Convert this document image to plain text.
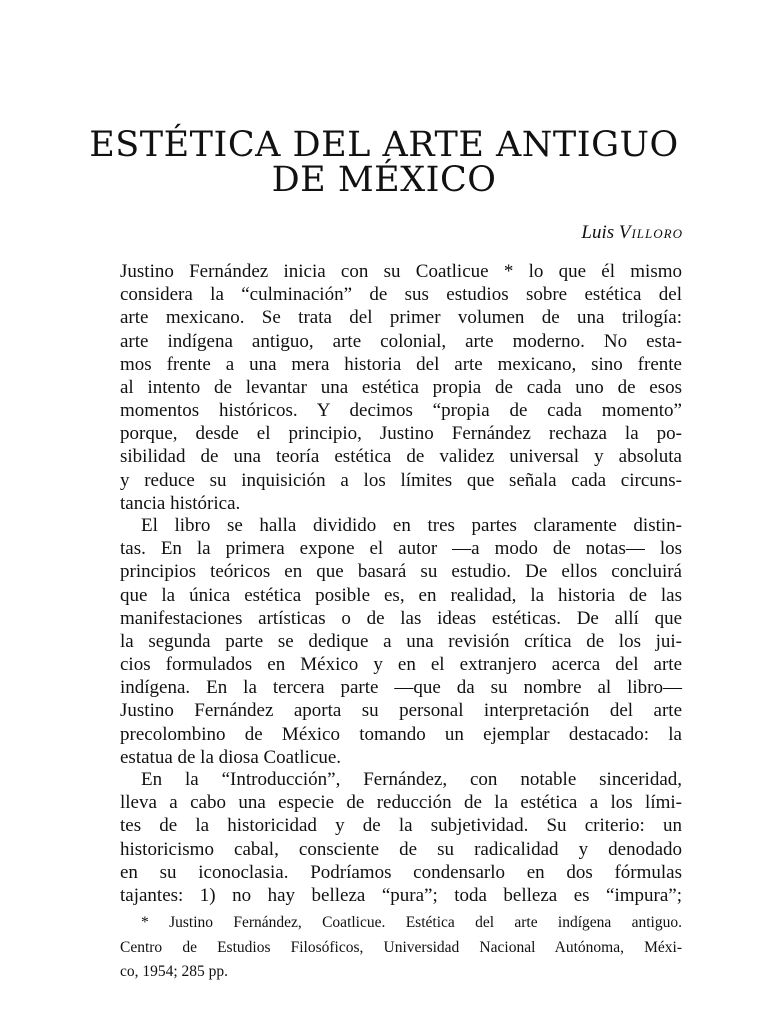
ESTÉTICA DEL ARTE ANTIGUO
DE MÉXICO
Luis Villoro
Justino Fernández inicia con su Coatlicue * lo que él mismo
considera la “culminación” de sus estudios sobre estética del
arte mexicano. Se trata del primer volumen de una trilogía:
arte indígena antiguo, arte colonial, arte moderno. No esta-
mos frente a una mera historia del arte mexicano, sino frente
al intento de levantar una estética propia de cada uno de esos
momentos históricos. Y decimos “propia de cada momento”
porque, desde el principio, Justino Fernández rechaza la po-
sibilidad de una teoría estética de validez universal y absoluta
y reduce su inquisición a los límites que señala cada circuns-
tancia histórica.
El libro se halla dividido en tres partes claramente distin-
tas. En la primera expone el autor —a modo de notas— los
principios teóricos en que basará su estudio. De ellos concluirá
que la única estética posible es, en realidad, la historia de las
manifestaciones artísticas o de las ideas estéticas. De allí que
la segunda parte se dedique a una revisión crítica de los jui-
cios formulados en México y en el extranjero acerca del arte
indígena. En la tercera parte —que da su nombre al libro—
Justino Fernández aporta su personal interpretación del arte
precolombino de México tomando un ejemplar destacado: la
estatua de la diosa Coatlicue.
En la “Introducción”, Fernández, con notable sinceridad,
lleva a cabo una especie de reducción de la estética a los lími-
tes de la historicidad y de la subjetividad. Su criterio: un
historicismo cabal, consciente de su radicalidad y denodado
en su iconoclasia. Podríamos condensarlo en dos fórmulas
tajantes: 1) no hay belleza “pura”; toda belleza es “impura”;
* Justino Fernández, Coatlicue. Estética del arte indígena antiguo.
Centro de Estudios Filosóficos, Universidad Nacional Autónoma, Méxi-
co, 1954; 285 pp.
